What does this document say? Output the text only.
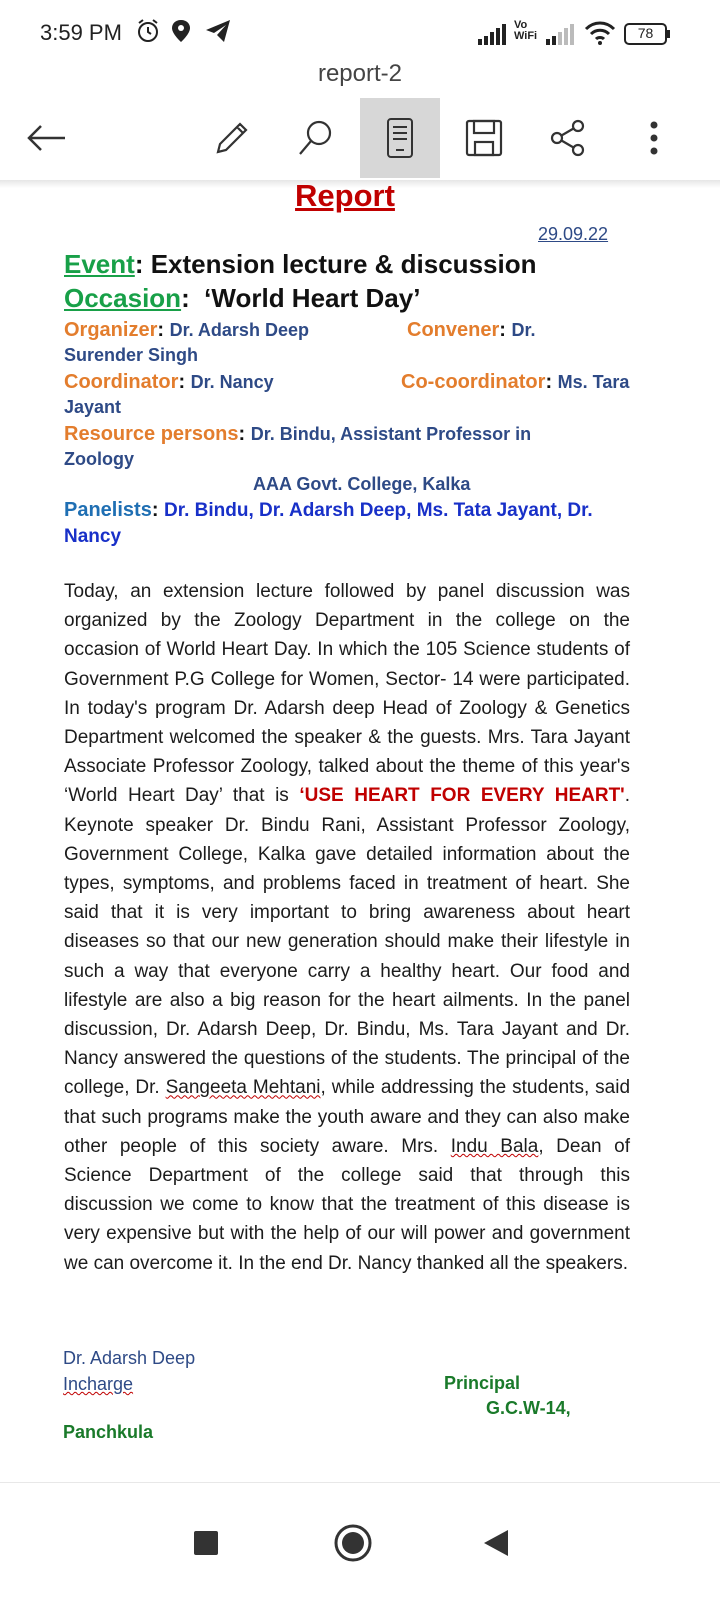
3:59 PM	Vo
WiFi	78
report-2
Report
29.09.22
Event: Extension lecture & discussion
Occasion:  ‘World Heart Day’
Organizer: Dr. Adarsh Deep	Convener: Dr.
Surender Singh
Coordinator: Dr. Nancy	Co-coordinator: Ms. Tara
Jayant
Resource persons: Dr. Bindu, Assistant Professor in
Zoology
AAA Govt. College, Kalka
Panelists: Dr. Bindu, Dr. Adarsh Deep, Ms. Tata Jayant, Dr.
Nancy
Today, an extension lecture followed by panel discussion was organized by the Zoology Department in the college on the occasion of World Heart Day. In which the 105 Science students of Government P.G College for Women, Sector- 14 were participated. In today's program Dr. Adarsh deep Head of Zoology & Genetics Department welcomed the speaker & the guests. Mrs. Tara Jayant Associate Professor Zoology, talked about the theme of this year's ‘World Heart Day’ that is ‘USE HEART FOR EVERY HEART'. Keynote speaker Dr. Bindu Rani, Assistant Professor Zoology, Government College, Kalka gave detailed information about the types, symptoms, and problems faced in treatment of heart. She said that it is very important to bring awareness about heart diseases so that our new generation should make their lifestyle in such a way that everyone carry a healthy heart. Our food and lifestyle are also a big reason for the heart ailments. In the panel discussion, Dr. Adarsh Deep, Dr. Bindu, Ms. Tara Jayant and Dr. Nancy answered the questions of the students. The principal of the college, Dr. Sangeeta Mehtani, while addressing the students, said that such programs make the youth aware and they can also make other people of this society aware. Mrs. Indu Bala, Dean of Science Department of the college said that through this discussion we come to know that the treatment of this disease is very expensive but with the help of our will power and government we can overcome it. In the end Dr. Nancy thanked all the speakers.
Dr. Adarsh Deep
Incharge	Principal
G.C.W-14,
Panchkula
